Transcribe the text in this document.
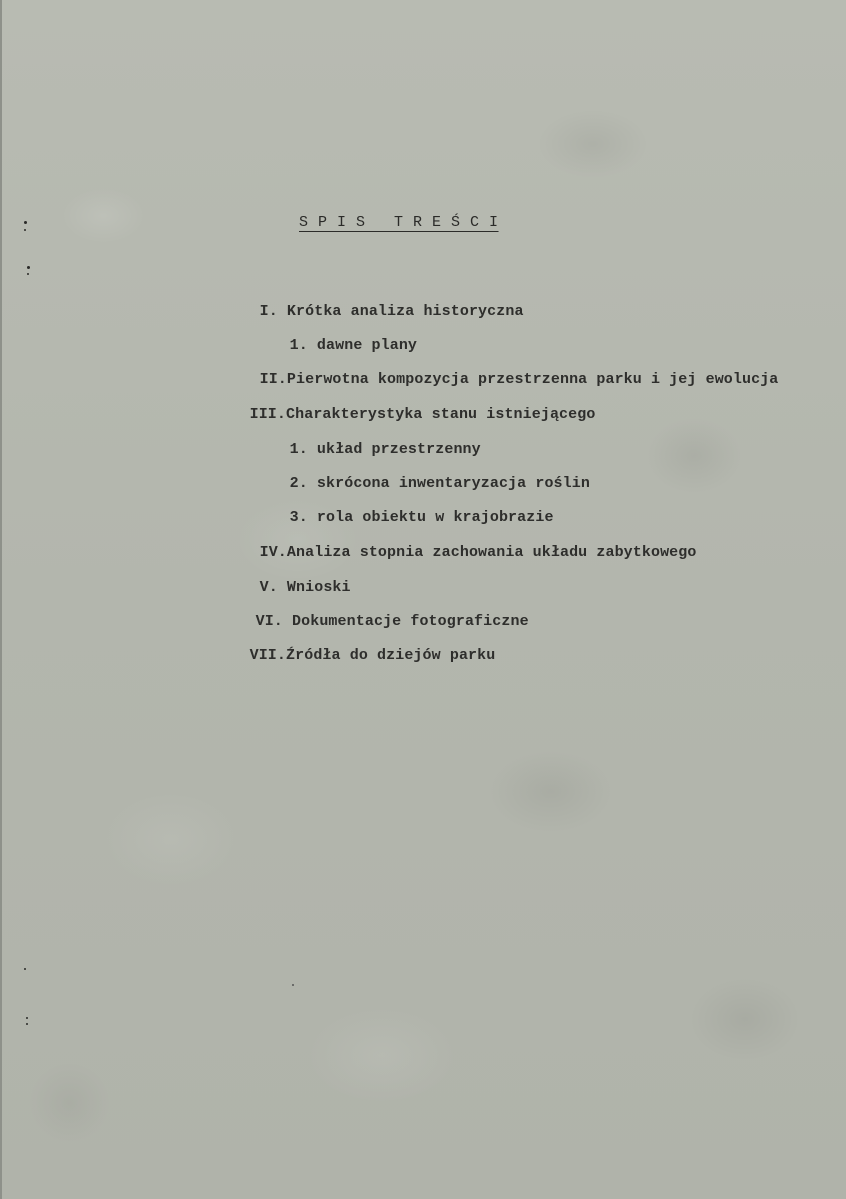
S P I S   T R E Ś C I

I. Krótka analiza historyczna

1. dawne plany

II.Pierwotna kompozycja przestrzenna parku i jej ewolucja

III.Charakterystyka stanu istniejącego

1. układ przestrzenny

2. skrócona inwentaryzacja roślin

3. rola obiektu w krajobrazie

IV.Analiza stopnia zachowania układu zabytkowego

V. Wnioski

VI. Dokumentacje fotograficzne

VII.Źródła do dziejów parku
